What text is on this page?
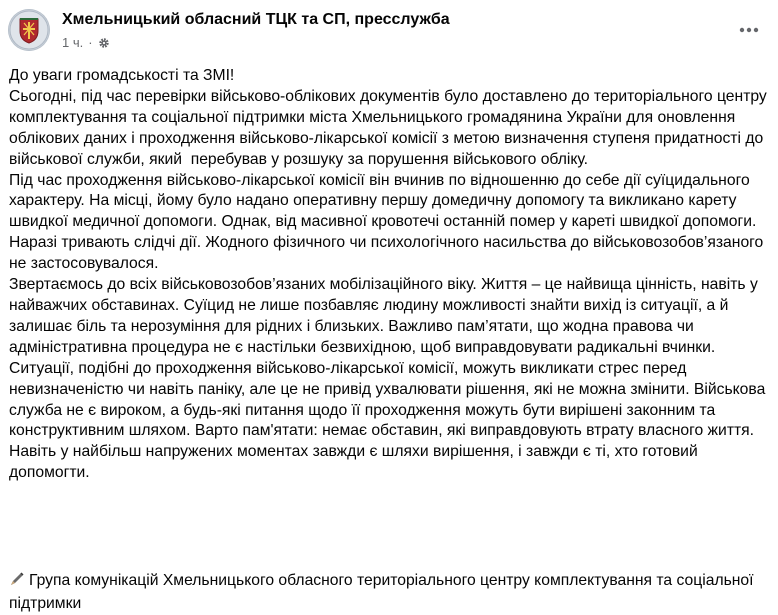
Хмельницький обласний ТЦК та СП, пресслужба
1 ч. ·

До уваги громадськості та ЗМІ!

Сьогодні, під час перевірки військово-облікових документів було доставлено до територіального центру комплектування та соціальної підтримки міста Хмельницького громадянина України для оновлення облікових даних і проходження військово-лікарської комісії з метою визначення ступеня придатності до військової служби, який  перебував у розшуку за порушення військового обліку.

Під час проходження військово-лікарської комісії він вчинив по відношенню до себе дії суїцидального характеру. На місці, йому було надано оперативну першу домедичну допомогу та викликано карету швидкої медичної допомоги. Однак, від масивної кровотечі останній помер у кареті швидкої допомоги. Наразі тривають слідчі дії. Жодного фізичного чи психологічного насильства до військовозобов’язаного не застосовувалося.

Звертаємось до всіх військовозобов’язаних мобілізаційного віку. Життя – це найвища цінність, навіть у найважчих обставинах. Суїцид не лише позбавляє людину можливості знайти вихід із ситуації, а й залишає біль та нерозуміння для рідних і близьких. Важливо пам’ятати, що жодна правова чи адміністративна процедура не є настільки безвихідною, щоб виправдовувати радикальні вчинки.

Ситуації, подібні до проходження військово-лікарської комісії, можуть викликати стрес перед невизначеністю чи навіть паніку, але це не привід ухвалювати рішення, які не можна змінити. Військова служба не є вироком, а будь-які питання щодо її проходження можуть бути вирішені законним та конструктивним шляхом. Варто пам'ятати: немає обставин, які виправдовують втрату власного життя. Навіть у найбільш напружених моментах завжди є шляхи вирішення, і завжди є ті, хто готовий допомогти.

Група комунікацій Хмельницького обласного територіального центру комплектування та соціальної підтримки
